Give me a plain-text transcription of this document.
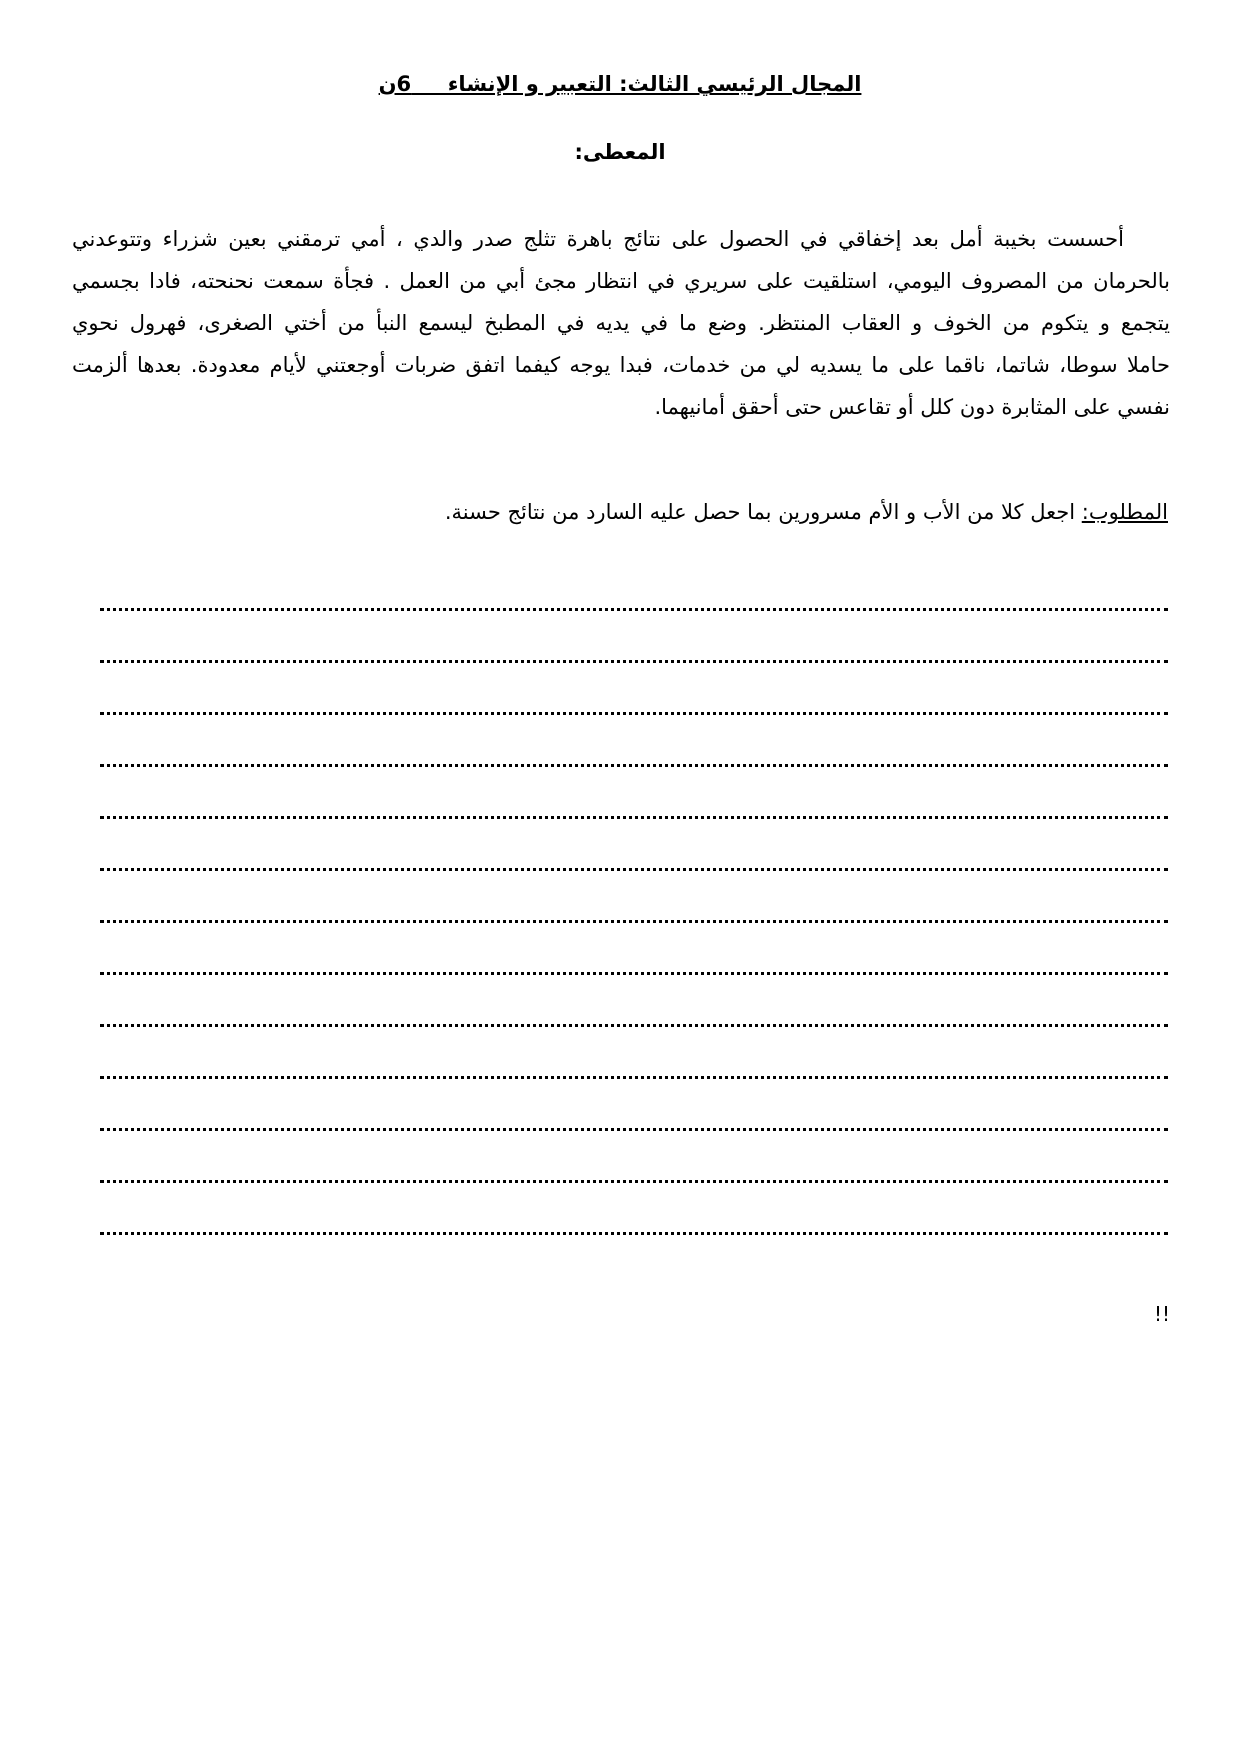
المجال الرئيسي الثالث: التعبير و الإنشاء     6ن
المعطى:
أحسست بخيبة أمل بعد إخفاقي في الحصول على نتائج باهرة تثلج صدر والدي ، أمي ترمقني بعين شزراء وتتوعدني
بالحرمان من المصروف اليومي، استلقيت على سريري في انتظار مجئ أبي من العمل . فجأة سمعت نحنحته، فادا بجسمي
يتجمع و يتكوم من الخوف و العقاب المنتظر. وضع ما في يديه في المطبخ ليسمع النبأ من أختي الصغرى، فهرول نحوي
حاملا سوطا، شاتما، ناقما على ما يسديه لي من خدمات، فبدا يوجه كيفما اتفق ضربات أوجعتني لأيام معدودة. بعدها ألزمت
نفسي على المثابرة دون كلل أو تقاعس حتى أحقق أمانيهما.
المطلوب: اجعل كلا من الأب و الأم مسرورين بما حصل عليه السارد من نتائج حسنة.
!!
